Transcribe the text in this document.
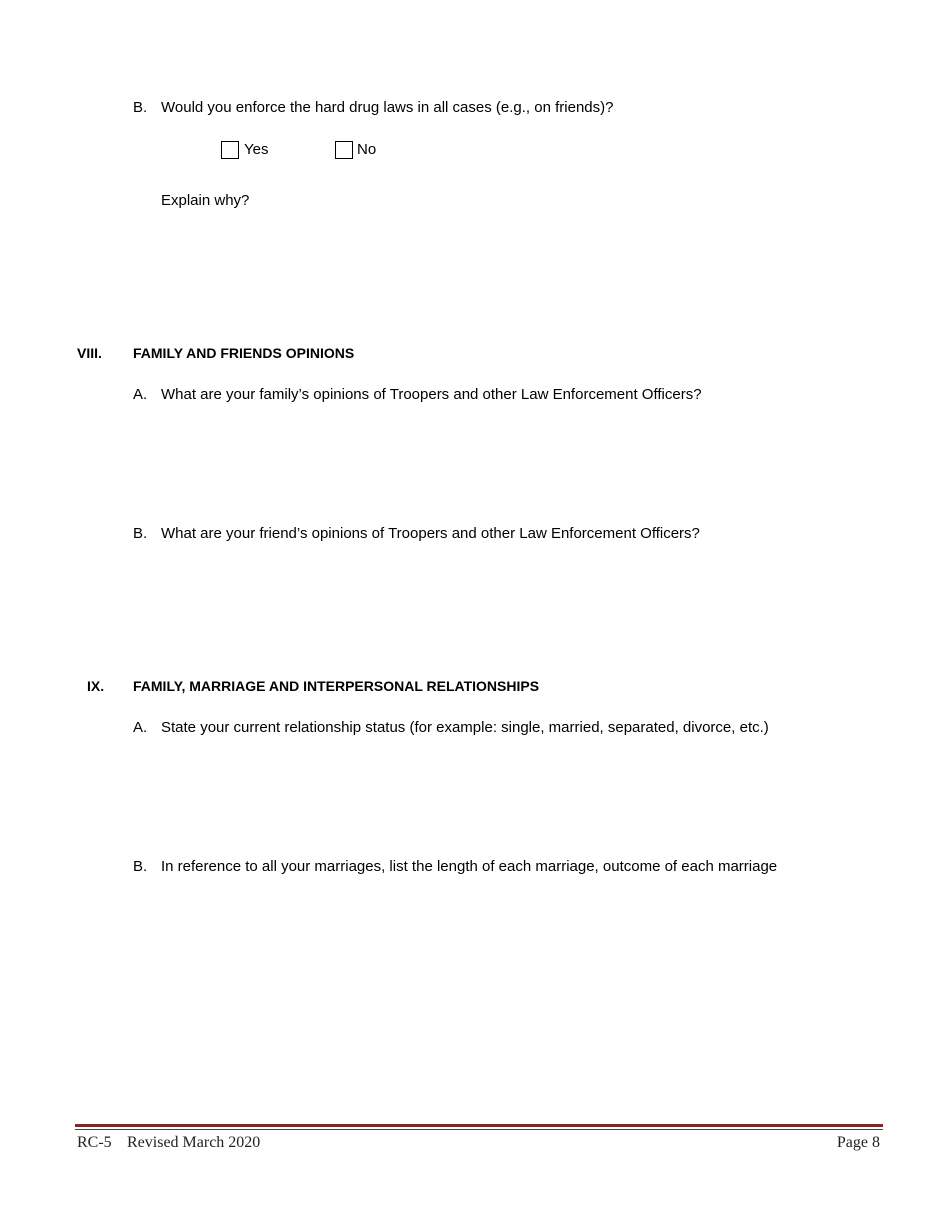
B. Would you enforce the hard drug laws in all cases (e.g., on friends)?
Yes	No
Explain why?
VIII. FAMILY AND FRIENDS OPINIONS
A. What are your family’s opinions of Troopers and other Law Enforcement Officers?
B. What are your friend’s opinions of Troopers and other Law Enforcement Officers?
IX. FAMILY, MARRIAGE AND INTERPERSONAL RELATIONSHIPS
A. State your current relationship status (for example: single, married, separated, divorce, etc.)
B. In reference to all your marriages, list the length of each marriage, outcome of each marriage
RC-5 Revised March 2020	Page 8
